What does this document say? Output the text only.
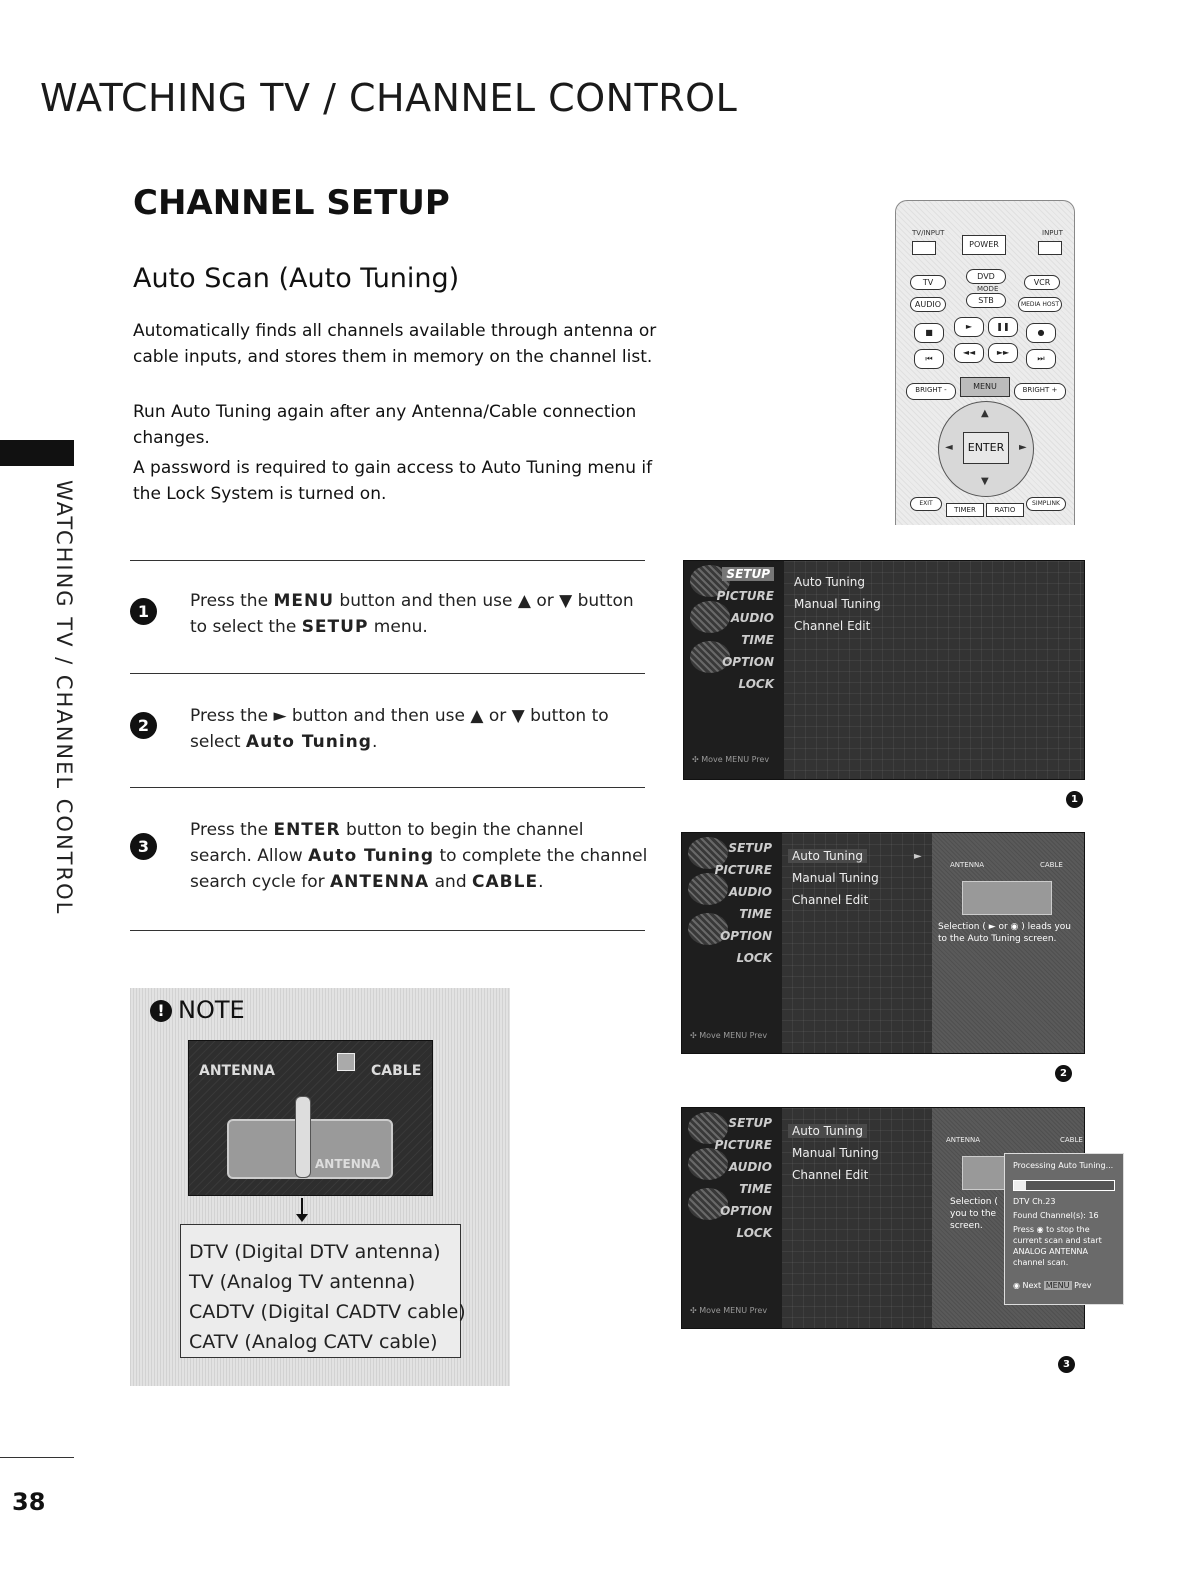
WATCHING TV / CHANNEL CONTROL
WATCHING TV / CHANNEL CONTROL
CHANNEL SETUP
Auto Scan (Auto Tuning)
Automatically finds all channels available through antenna or cable inputs, and stores them in memory on the channel list.
Run Auto Tuning again after any Antenna/Cable connection changes.
A password is required to gain access to Auto Tuning menu if the Lock System is turned on.
1
Press the MENU button and then use ▲ or ▼ button to select the SETUP menu.
2	Press the ► button and then use ▲ or ▼ button to select Auto Tuning.
3
Press the ENTER button to begin the channel search. Allow Auto Tuning to complete the channel search cycle for ANTENNA and CABLE.
TV/INPUT	INPUT
POWER
TV
DVD
VCR
MODE
AUDIO	STB	MEDIA HOST
■
►	❚❚
●
⏮
◄◄	►►
⏭
BRIGHT -	MENU	BRIGHT +
▲
▼
◄	►
ENTER
EXIT
TIMER	RATIO
SIMPLINK
SETUP
PICTURE
AUDIO
TIME
OPTION
LOCK
✣ Move MENU Prev
Auto Tuning
Manual Tuning
Channel Edit
1
SETUP
PICTURE
AUDIO
TIME
OPTION
LOCK
✣ Move MENU Prev
Auto Tuning	►
Manual Tuning
Channel Edit
ANTENNA	CABLE
Selection ( ► or ◉ ) leads you to the Auto Tuning screen.
2
SETUP
PICTURE
AUDIO
TIME
OPTION
LOCK
✣ Move MENU Prev
Auto Tuning
Manual Tuning
Channel Edit
ANTENNA	CABLE
Selection ( you to the screen.
Processing Auto Tuning...
DTV Ch.23
Found Channel(s): 16
Press ◉ to stop the current scan and start ANALOG ANTENNA channel scan.
◉ Next MENU Prev
3
! NOTE
ANTENNA	CABLE
ANTENNA
DTV (Digital DTV antenna)
TV (Analog TV antenna)
CADTV (Digital CADTV cable)
CATV (Analog CATV cable)
38
